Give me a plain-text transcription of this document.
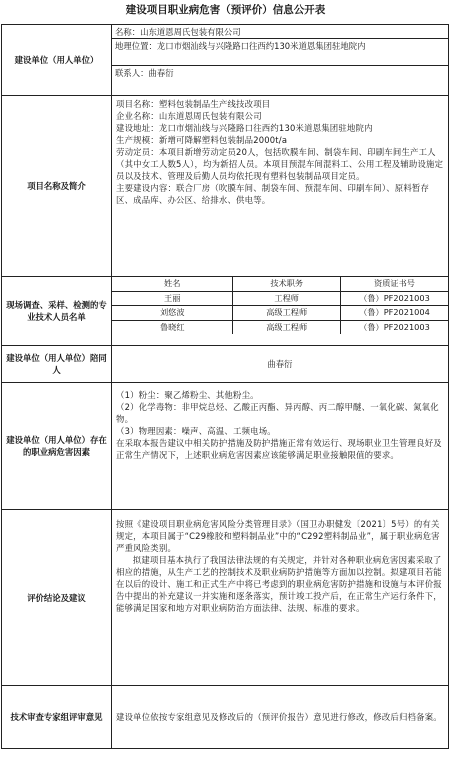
建设项目职业病危害（预评价）信息公开表
建设单位（用人单位）	
名称：山东道恩周氏包装有限公司
地理位置：龙口市烟汕线与兴隆路口往西约130米道恩集团驻地院内
联系人：曲春衍

项目名称及简介	
项目名称：塑料包装制品生产线技改项目
企业名称：山东道恩周氏包装有限公司
建设地址：龙口市烟汕线与兴隆路口往西约130米道恩集团驻地院内
生产规模：新增可降解塑料包装制品2000t/a
劳动定员：本项目新增劳动定员20人，包括吹膜车间、制袋车间、印刷车间生产工人（其中女工人数5人），均为新招人员。本项目预混车间混料工、公用工程及辅助设施定员以及技术、管理及后勤人员均依托现有塑料包装制品项目定员。
主要建设内容：联合厂房（吹膜车间、制袋车间、预混车间、印刷车间）、原料暂存区、成品库、办公区、给排水、供电等。

现场调查、采样、检测的专业技术人员名单	
姓名	技术职务	资质证书号
王丽	工程师	（鲁）PF2021003
刘悠波	高级工程师	（鲁）PF2021004
鲁晓红	高级工程师	（鲁）PF2021003

建设单位（用人单位）陪同人	曲春衍
建设单位（用人单位）存在的职业病危害因素	
（1）粉尘：聚乙烯粉尘、其他粉尘。
（2）化学毒物：非甲烷总烃、乙酸正丙酯、异丙醇、丙二醇甲醚、一氧化碳、氮氧化物。
（3）物理因素：噪声、高温、工频电场。
在采取本报告建议中相关防护措施及防护措施正常有效运行、现场职业卫生管理良好及正常生产情况下，上述职业病危害因素应该能够满足职业接触限值的要求。

评价结论及建议	
按照《建设项目职业病危害风险分类管理目录》（国卫办职健发〔2021〕5号）的有关规定，本项目属于“C29橡胶和塑料制品业”中的“C292塑料制品业”，属于职业病危害严重风险类别。
拟建项目基本执行了我国法律法规的有关规定，并针对各种职业病危害因素采取了相应的措施，从生产工艺的控制技术及职业病防护措施等方面加以控制。拟建项目若能在以后的设计、施工和正式生产中将已考虑到的职业病危害防护措施和设施与本评价报告中提出的补充建议一并实施和逐条落实，预计竣工投产后，在正常生产运行条件下，能够满足国家和地方对职业病防治方面法律、法规、标准的要求。

技术审查专家组评审意见	建设单位依按专家组意见及修改后的（预评价报告）意见进行修改，修改后归档备案。
